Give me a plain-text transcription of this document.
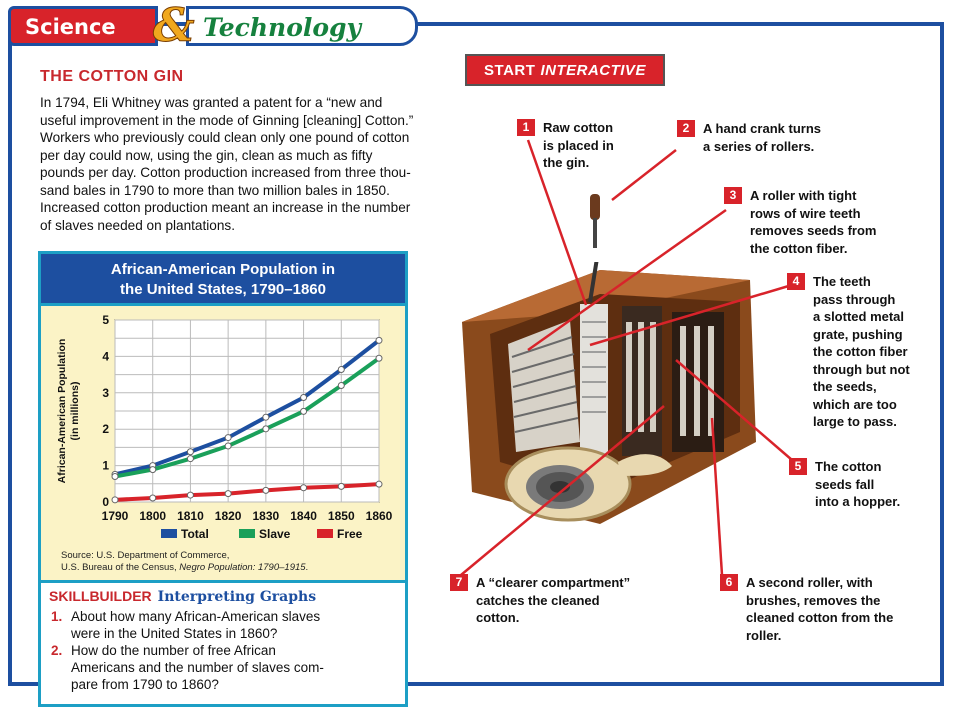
Science	Technology
&
START INTERACTIVE
THE COTTON GIN
In 1794, Eli Whitney was granted a patent for a “new and
useful improvement in the mode of Ginning [cleaning] Cotton.”
Workers who previously could clean only one pound of cotton
per day could now, using the gin, clean as much as fifty
pounds per day. Cotton production increased from three thou-
sand bales in 1790 to more than two million bales in 1850.
Increased cotton production meant an increase in the number
of slaves needed on plantations.
African-American Population in
the United States, 1790–1860
0
1
2
3
4
5
1790 1800 1810 1820 1830 1840 1850 1860
African-American Population(in millions)
Total	Slave	Free
Source: U.S. Department of Commerce,
U.S. Bureau of the Census, Negro Population: 1790–1915.
SKILLBUILDER Interpreting Graphs
1. About how many African-American slaves
were in the United States in 1860?
2. How do the number of free African
Americans and the number of slaves com-
pare from 1790 to 1860?
1	Raw cotton
is placed in
the gin.
2	A hand crank turns
a series of rollers.
3	A roller with tight
rows of wire teeth
removes seeds from
the cotton fiber.
4	The teeth
pass through
a slotted metal
grate, pushing
the cotton fiber
through but not
the seeds,
which are too
large to pass.
5	The cotton
seeds fall
into a hopper.
6	A second roller, with
brushes, removes the
cleaned cotton from the
roller.
7	A “clearer compartment”
catches the cleaned
cotton.
